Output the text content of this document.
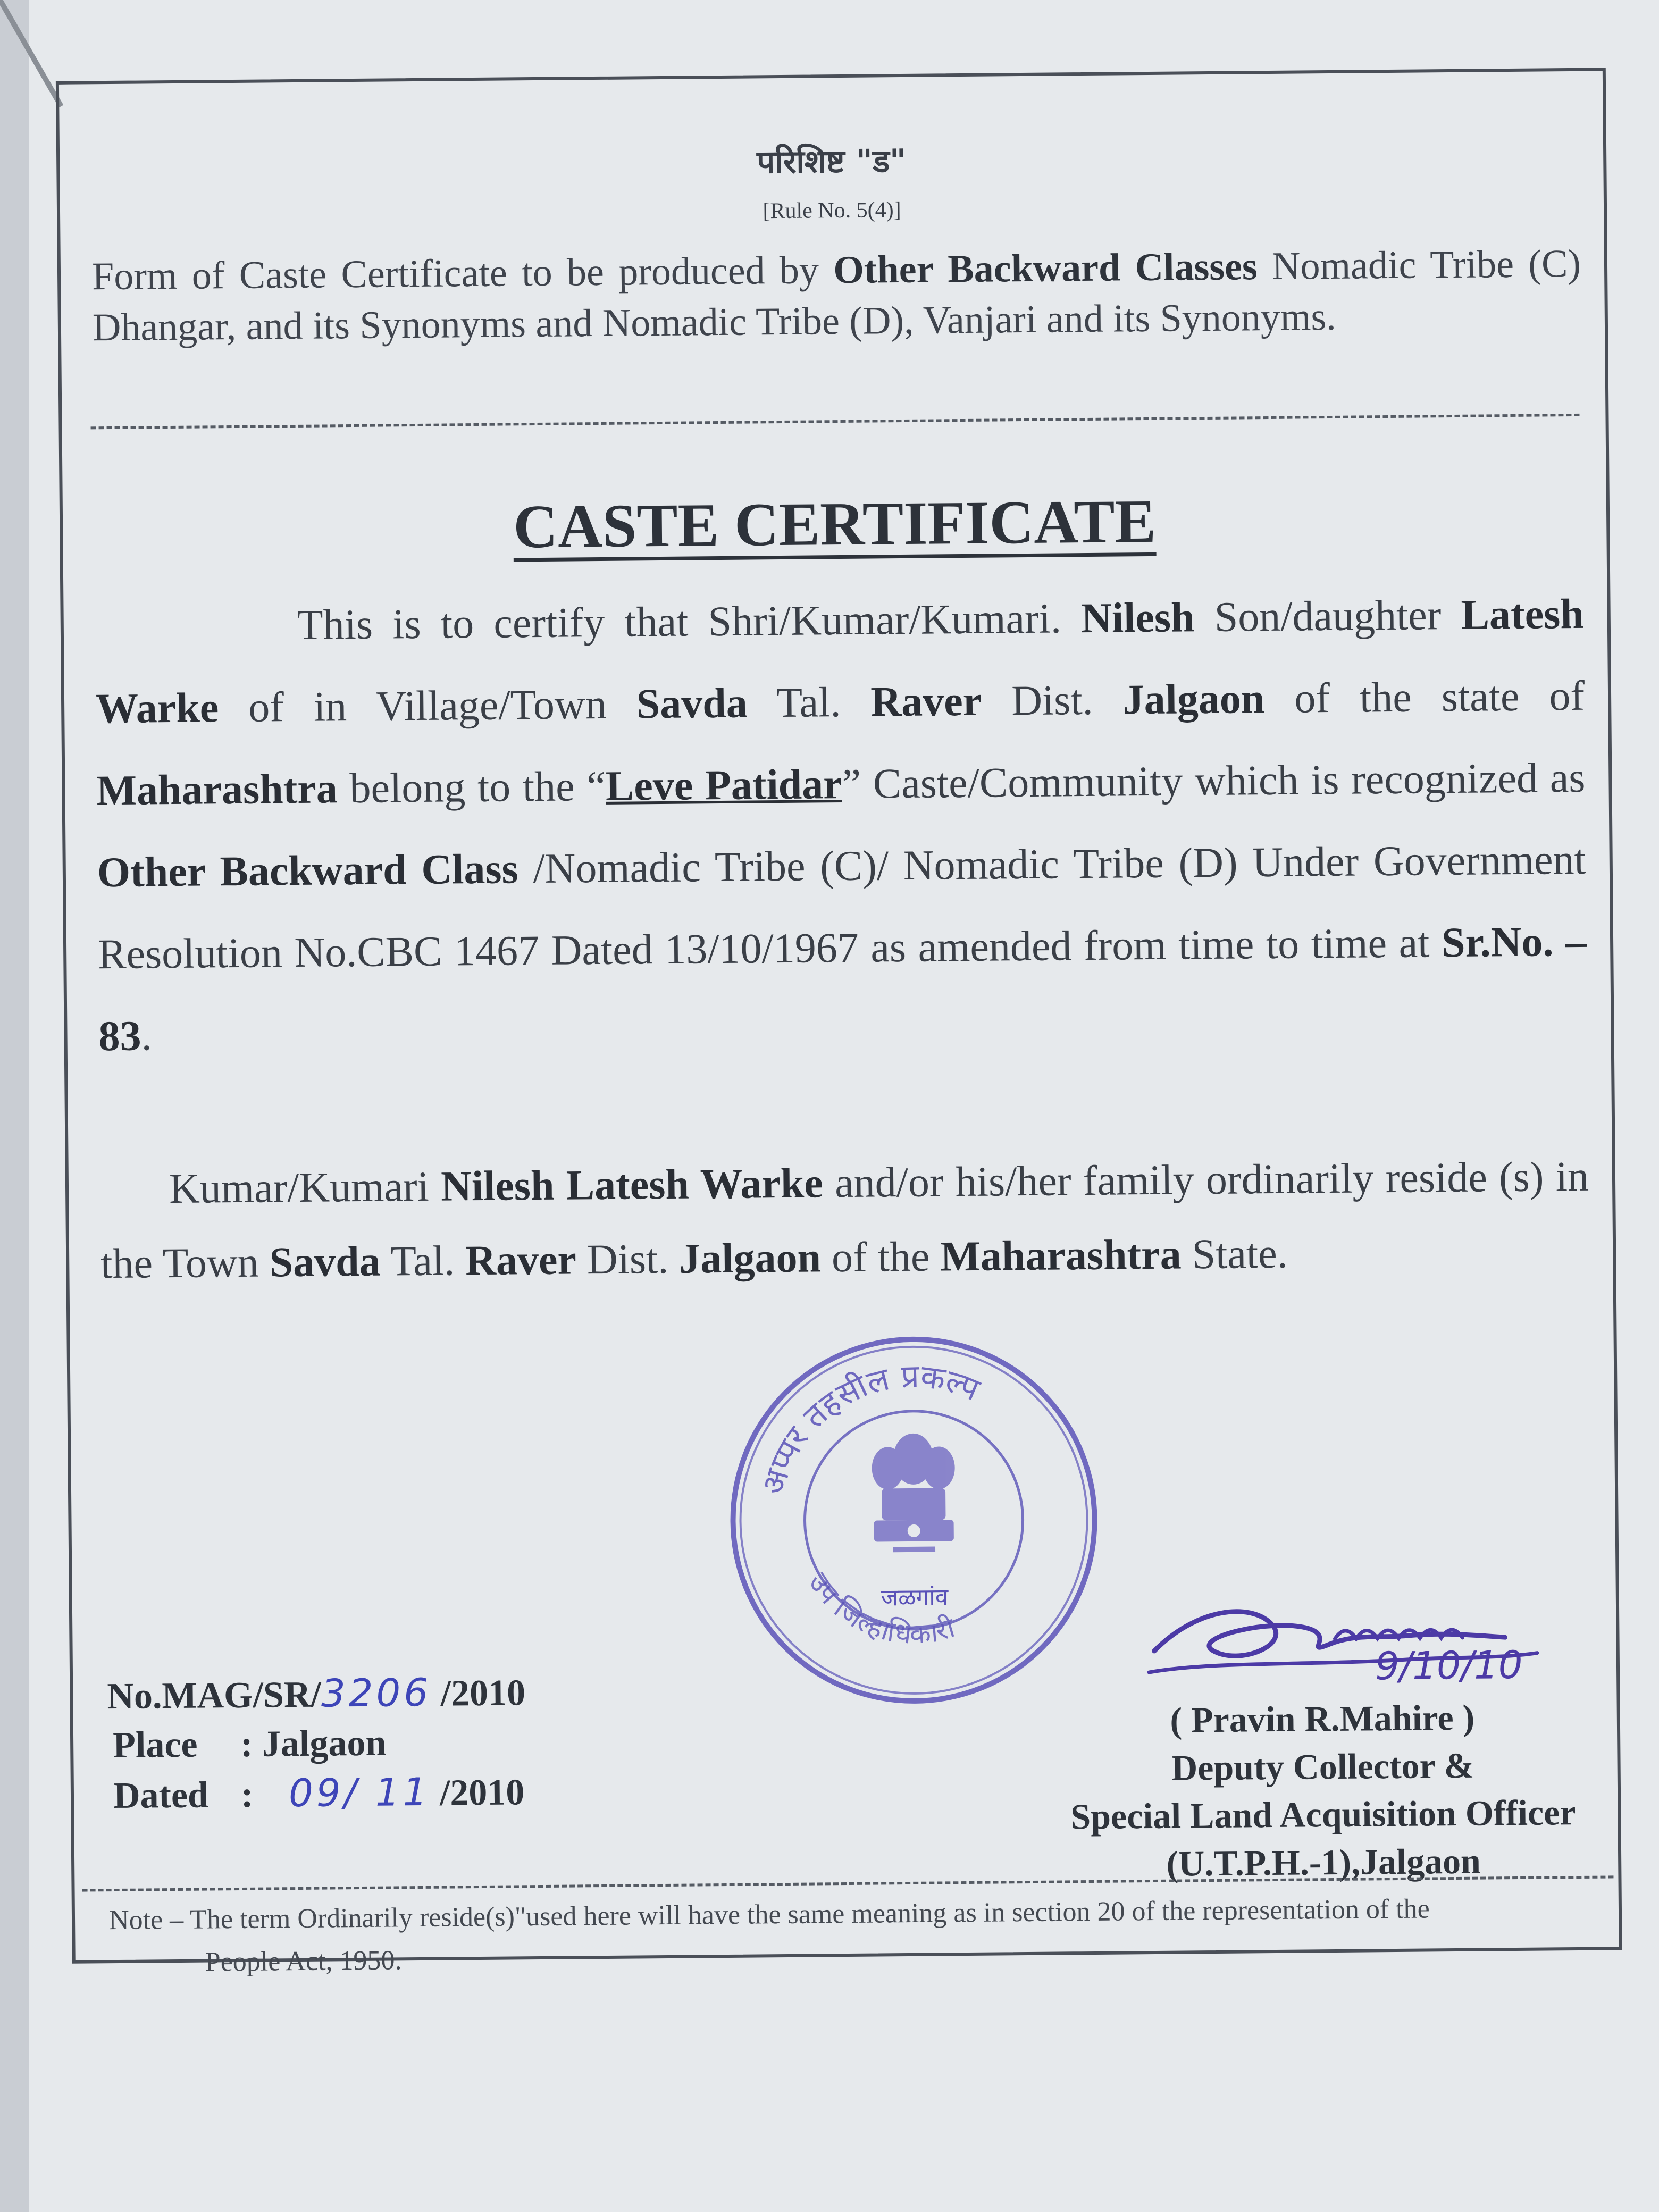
परिशिष्ट "ड"
[Rule No. 5(4)]
Form of Caste Certificate to be produced by Other Backward Classes Nomadic Tribe (C) Dhangar, and its Synonyms and Nomadic Tribe (D), Vanjari and its Synonyms.
CASTE CERTIFICATE
This is to certify that Shri/Kumar/Kumari. Nilesh Son/daughter Latesh Warke of in Village/Town Savda Tal. Raver Dist. Jalgaon of the state of Maharashtra belong to the “Leve Patidar” Caste/Community which is recognized as Other Backward Class /Nomadic Tribe (C)/ Nomadic Tribe (D) Under Government Resolution No.CBC 1467 Dated 13/10/1967 as amended from time to time at Sr.No. – 83.
Kumar/Kumari Nilesh Latesh Warke and/or his/her family ordinarily reside (s) in the Town Savda Tal. Raver Dist. Jalgaon of the Maharashtra State.
अप्पर तहसील प्रकल्प
उप जिल्हाधिकारी
जळगांव
9/10/10
( Pravin R.Mahire )
Deputy Collector &
Special Land Acquisition Officer
(U.T.P.H.-1),Jalgaon
No.MAG/SR/3206 /2010
Place : Jalgaon
Dated : 09/ 11 /2010
Note – The term Ordinarily reside(s)"used here will have the same meaning as in section 20 of the representation of the
People Act, 1950.
